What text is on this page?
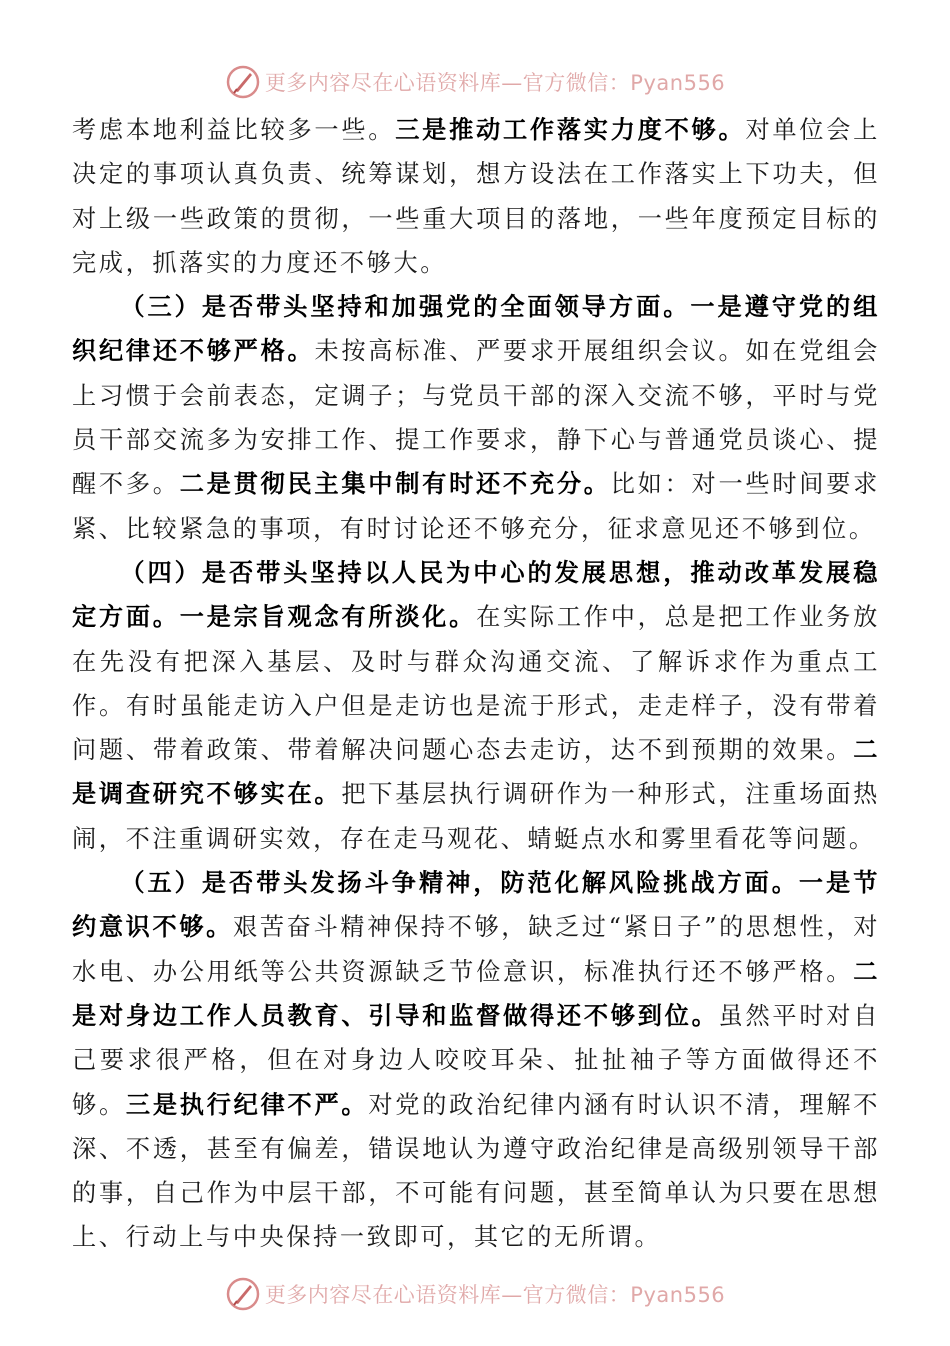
更多内容尽在心语资料库—官方微信：Pyan556

考虑本地利益比较多一些。三是推动工作落实力度不够。对单位会上决定的事项认真负责、统筹谋划，想方设法在工作落实上下功夫，但对上级一些政策的贯彻，一些重大项目的落地，一些年度预定目标的完成，抓落实的力度还不够大。

（三）是否带头坚持和加强党的全面领导方面。一是遵守党的组织纪律还不够严格。未按高标准、严要求开展组织会议。如在党组会上习惯于会前表态，定调子；与党员干部的深入交流不够，平时与党员干部交流多为安排工作、提工作要求，静下心与普通党员谈心、提醒不多。二是贯彻民主集中制有时还不充分。比如：对一些时间要求紧、比较紧急的事项，有时讨论还不够充分，征求意见还不够到位。

（四）是否带头坚持以人民为中心的发展思想，推动改革发展稳定方面。一是宗旨观念有所淡化。在实际工作中，总是把工作业务放在先没有把深入基层、及时与群众沟通交流、了解诉求作为重点工作。有时虽能走访入户但是走访也是流于形式，走走样子，没有带着问题、带着政策、带着解决问题心态去走访，达不到预期的效果。二是调查研究不够实在。把下基层执行调研作为一种形式，注重场面热闹，不注重调研实效，存在走马观花、蜻蜓点水和雾里看花等问题。

（五）是否带头发扬斗争精神，防范化解风险挑战方面。一是节约意识不够。艰苦奋斗精神保持不够，缺乏过“紧日子”的思想性，对水电、办公用纸等公共资源缺乏节俭意识，标准执行还不够严格。二是对身边工作人员教育、引导和监督做得还不够到位。虽然平时对自己要求很严格，但在对身边人咬咬耳朵、扯扯袖子等方面做得还不够。三是执行纪律不严。对党的政治纪律内涵有时认识不清，理解不深、不透，甚至有偏差，错误地认为遵守政治纪律是高级别领导干部的事，自己作为中层干部，不可能有问题，甚至简单认为只要在思想上、行动上与中央保持一致即可，其它的无所谓。

更多内容尽在心语资料库—官方微信：Pyan556
